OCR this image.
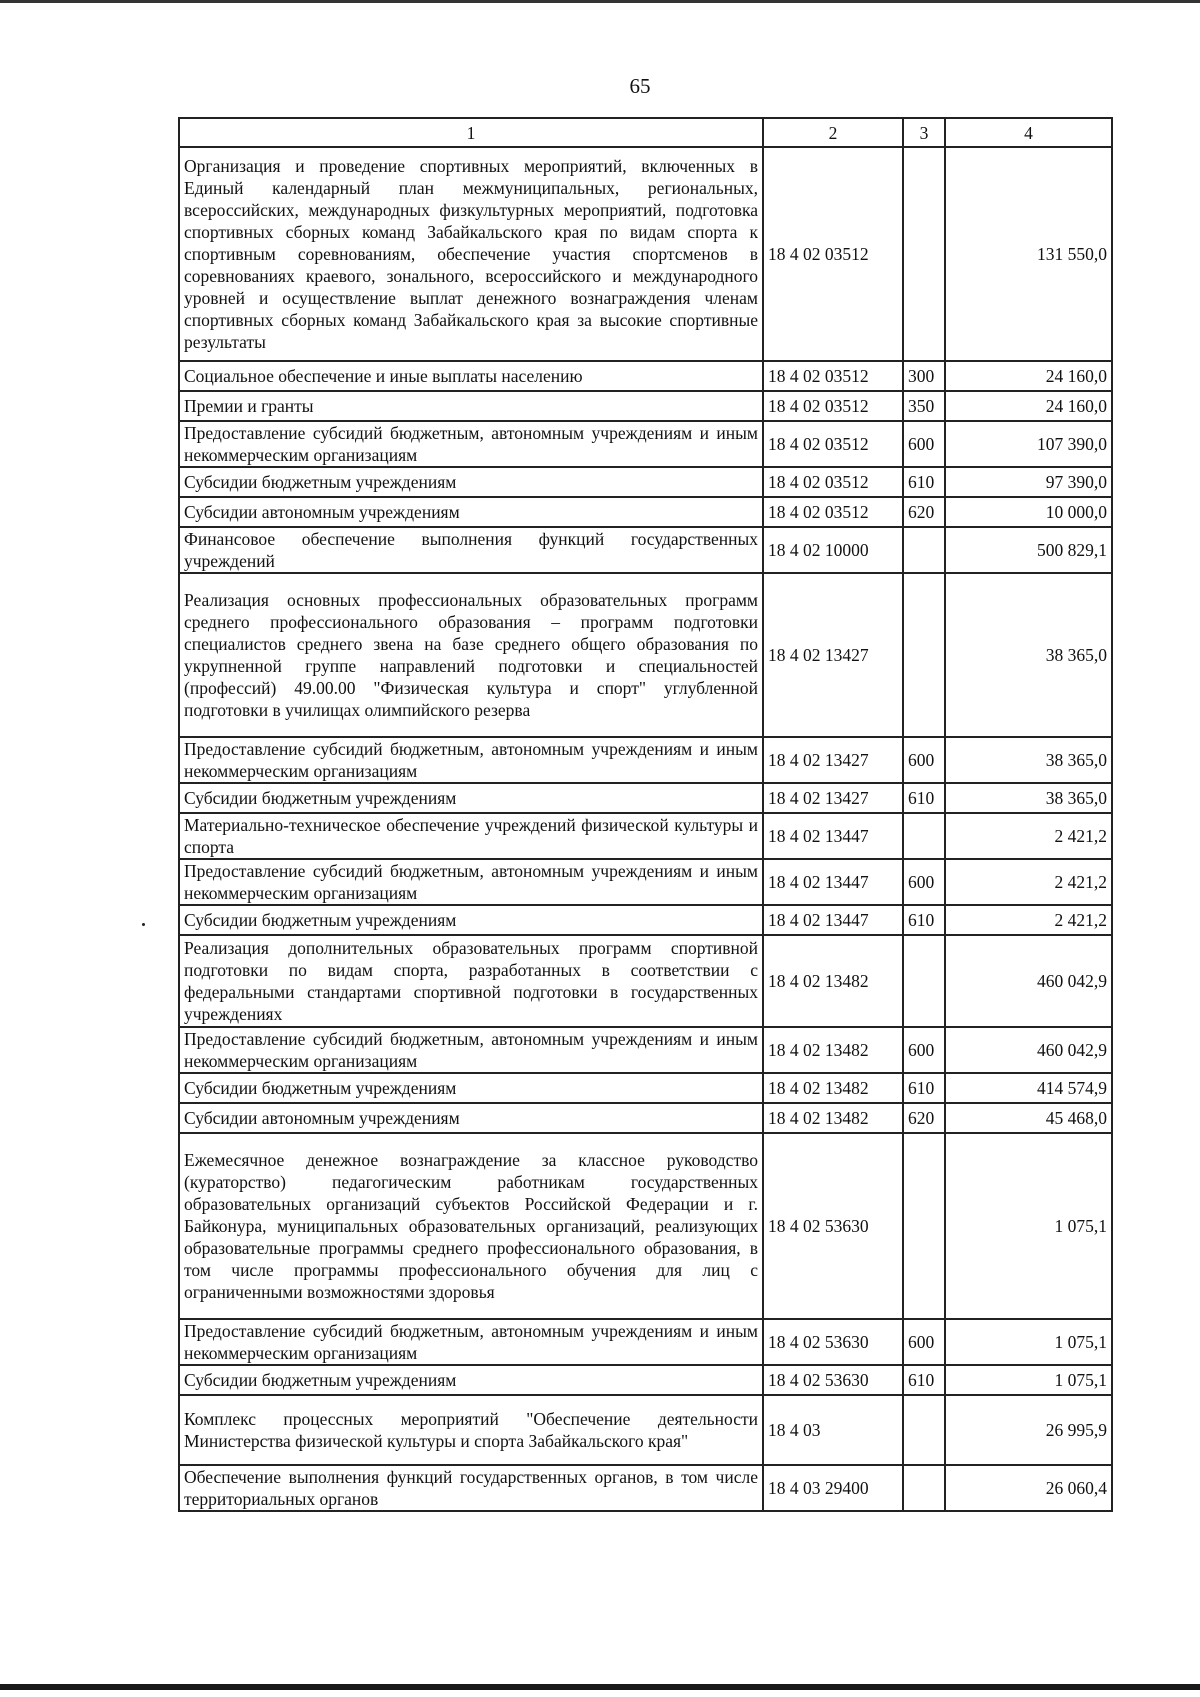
65
1	2	3	4
Организация и проведение спортивных мероприятий, включенных в Единый календарный план межмуниципальных, региональных, всероссийских, международных физкультурных мероприятий, подготовка спортивных сборных команд Забайкальского края по видам спорта к спортивным соревнованиям, обеспечение участия спортсменов в соревнованиях краевого, зонального, всероссийского и международного уровней и осуществление выплат денежного вознаграждения членам спортивных сборных команд Забайкальского края за высокие спортивные результаты	18 4 02 03512		131 550,0
Социальное обеспечение и иные выплаты населению	18 4 02 03512	300	24 160,0
Премии и гранты	18 4 02 03512	350	24 160,0
Предоставление субсидий бюджетным, автономным учреждениям и иным некоммерческим организациям	18 4 02 03512	600	107 390,0
Субсидии бюджетным учреждениям	18 4 02 03512	610	97 390,0
Субсидии автономным учреждениям	18 4 02 03512	620	10 000,0
Финансовое обеспечение выполнения функций государственных учреждений	18 4 02 10000		500 829,1
Реализация основных профессиональных образовательных программ среднего профессионального образования – программ подготовки специалистов среднего звена на базе среднего общего образования по укрупненной группе направлений подготовки и специальностей (профессий) 49.00.00 "Физическая культура и спорт" углубленной подготовки в училищах олимпийского резерва	18 4 02 13427		38 365,0
Предоставление субсидий бюджетным, автономным учреждениям и иным некоммерческим организациям	18 4 02 13427	600	38 365,0
Субсидии бюджетным учреждениям	18 4 02 13427	610	38 365,0
Материально-техническое обеспечение учреждений физической культуры и спорта	18 4 02 13447		2 421,2
Предоставление субсидий бюджетным, автономным учреждениям и иным некоммерческим организациям	18 4 02 13447	600	2 421,2
Субсидии бюджетным учреждениям	18 4 02 13447	610	2 421,2
Реализация дополнительных образовательных программ спортивной подготовки по видам спорта, разработанных в соответствии с федеральными стандартами спортивной подготовки в государственных учреждениях	18 4 02 13482		460 042,9
Предоставление субсидий бюджетным, автономным учреждениям и иным некоммерческим организациям	18 4 02 13482	600	460 042,9
Субсидии бюджетным учреждениям	18 4 02 13482	610	414 574,9
Субсидии автономным учреждениям	18 4 02 13482	620	45 468,0
Ежемесячное денежное вознаграждение за классное руководство (кураторство) педагогическим работникам государственных образовательных организаций субъектов Российской Федерации и г. Байконура, муниципальных образовательных организаций, реализующих образовательные программы среднего профессионального образования, в том числе программы профессионального обучения для лиц с ограниченными возможностями здоровья	18 4 02 53630		1 075,1
Предоставление субсидий бюджетным, автономным учреждениям и иным некоммерческим организациям	18 4 02 53630	600	1 075,1
Субсидии бюджетным учреждениям	18 4 02 53630	610	1 075,1
Комплекс процессных мероприятий "Обеспечение деятельности Министерства физической культуры и спорта Забайкальского края"	18 4 03		26 995,9
Обеспечение выполнения функций государственных органов, в том числе территориальных органов	18 4 03 29400		26 060,4
